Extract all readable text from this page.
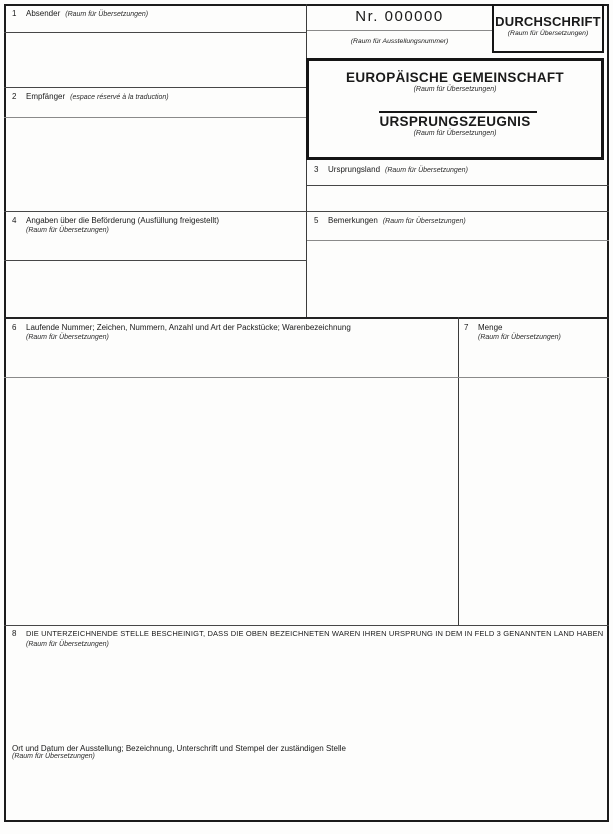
1	Absender (Raum für Übersetzungen)
2	Empfänger (espace réservé à la traduction)
Nr. 000000
(Raum für Ausstellungsnummer)
DURCHSCHRIFT
(Raum für Übersetzungen)
EUROPÄISCHE GEMEINSCHAFT
(Raum für Übersetzungen)
URSPRUNGSZEUGNIS
(Raum für Übersetzungen)
3	Ursprungsland (Raum für Übersetzungen)
4	Angaben über die Beförderung (Ausfüllung freigestellt)
(Raum für Übersetzungen)
5	Bemerkungen (Raum für Übersetzungen)
6	Laufende Nummer; Zeichen, Nummern, Anzahl und Art der Packstücke; Warenbezeichnung
(Raum für Übersetzungen)
7	Menge
(Raum für Übersetzungen)
8	DIE UNTERZEICHNENDE STELLE BESCHEINIGT, DASS DIE OBEN BEZEICHNETEN WAREN IHREN URSPRUNG IN DEM IN FELD 3 GENANNTEN LAND HABEN
(Raum für Übersetzungen)
Ort und Datum der Ausstellung; Bezeichnung, Unterschrift und Stempel der zuständigen Stelle
(Raum für Übersetzungen)
